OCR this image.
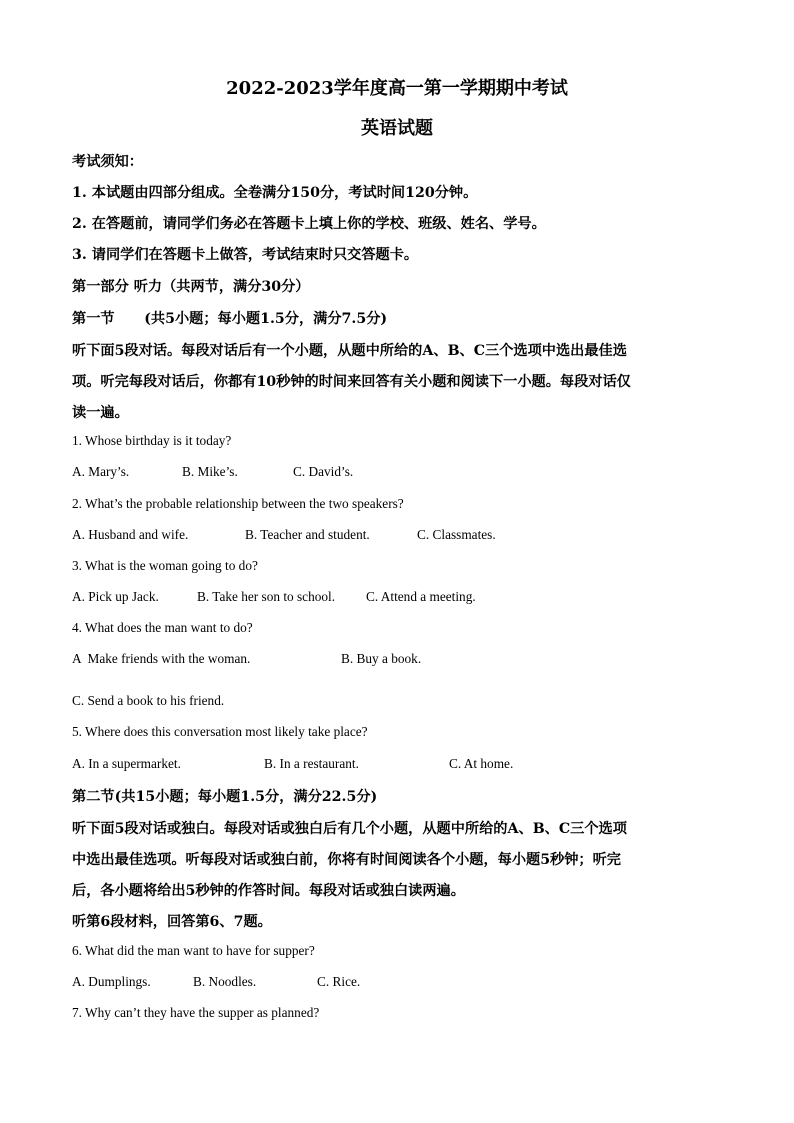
2022-2023学年度高一第一学期期中考试
英语试题
考试须知：
1. 本试题由四部分组成。全卷满分150分，考试时间120分钟。
2. 在答题前，请同学们务必在答题卡上填上你的学校、班级、姓名、学号。
3. 请同学们在答题卡上做答，考试结束时只交答题卡。
第一部分 听力（共两节，满分30分）
第一节      (共5小题；每小题1.5分，满分7.5分)
听下面5段对话。每段对话后有一个小题，从题中所给的A、B、C三个选项中选出最佳选
项。听完每段对话后，你都有10秒钟的时间来回答有关小题和阅读下一小题。每段对话仅
读一遍。
1. Whose birthday is it today?
A. Mary’s.	B. Mike’s.	C. David’s.
2. What’s the probable relationship between the two speakers?
A. Husband and wife.	B. Teacher and student.	C. Classmates.
3. What is the woman going to do?
A. Pick up Jack.	B. Take her son to school. C. Attend a meeting.
4. What does the man want to do?
A  Make friends with the woman.	B. Buy a book.
C. Send a book to his friend.
5. Where does this conversation most likely take place?
A. In a supermarket.	B. In a restaurant.	C. At home.
第二节(共15小题；每小题1.5分，满分22.5分)
听下面5段对话或独白。每段对话或独白后有几个小题，从题中所给的A、B、C三个选项
中选出最佳选项。听每段对话或独白前，你将有时间阅读各个小题，每小题5秒钟；听完
后，各小题将给出5秒钟的作答时间。每段对话或独白读两遍。
听第6段材料，回答第6、7题。
6. What did the man want to have for supper?
A. Dumplings.	B. Noodles.	C. Rice.
7. Why can’t they have the supper as planned?
